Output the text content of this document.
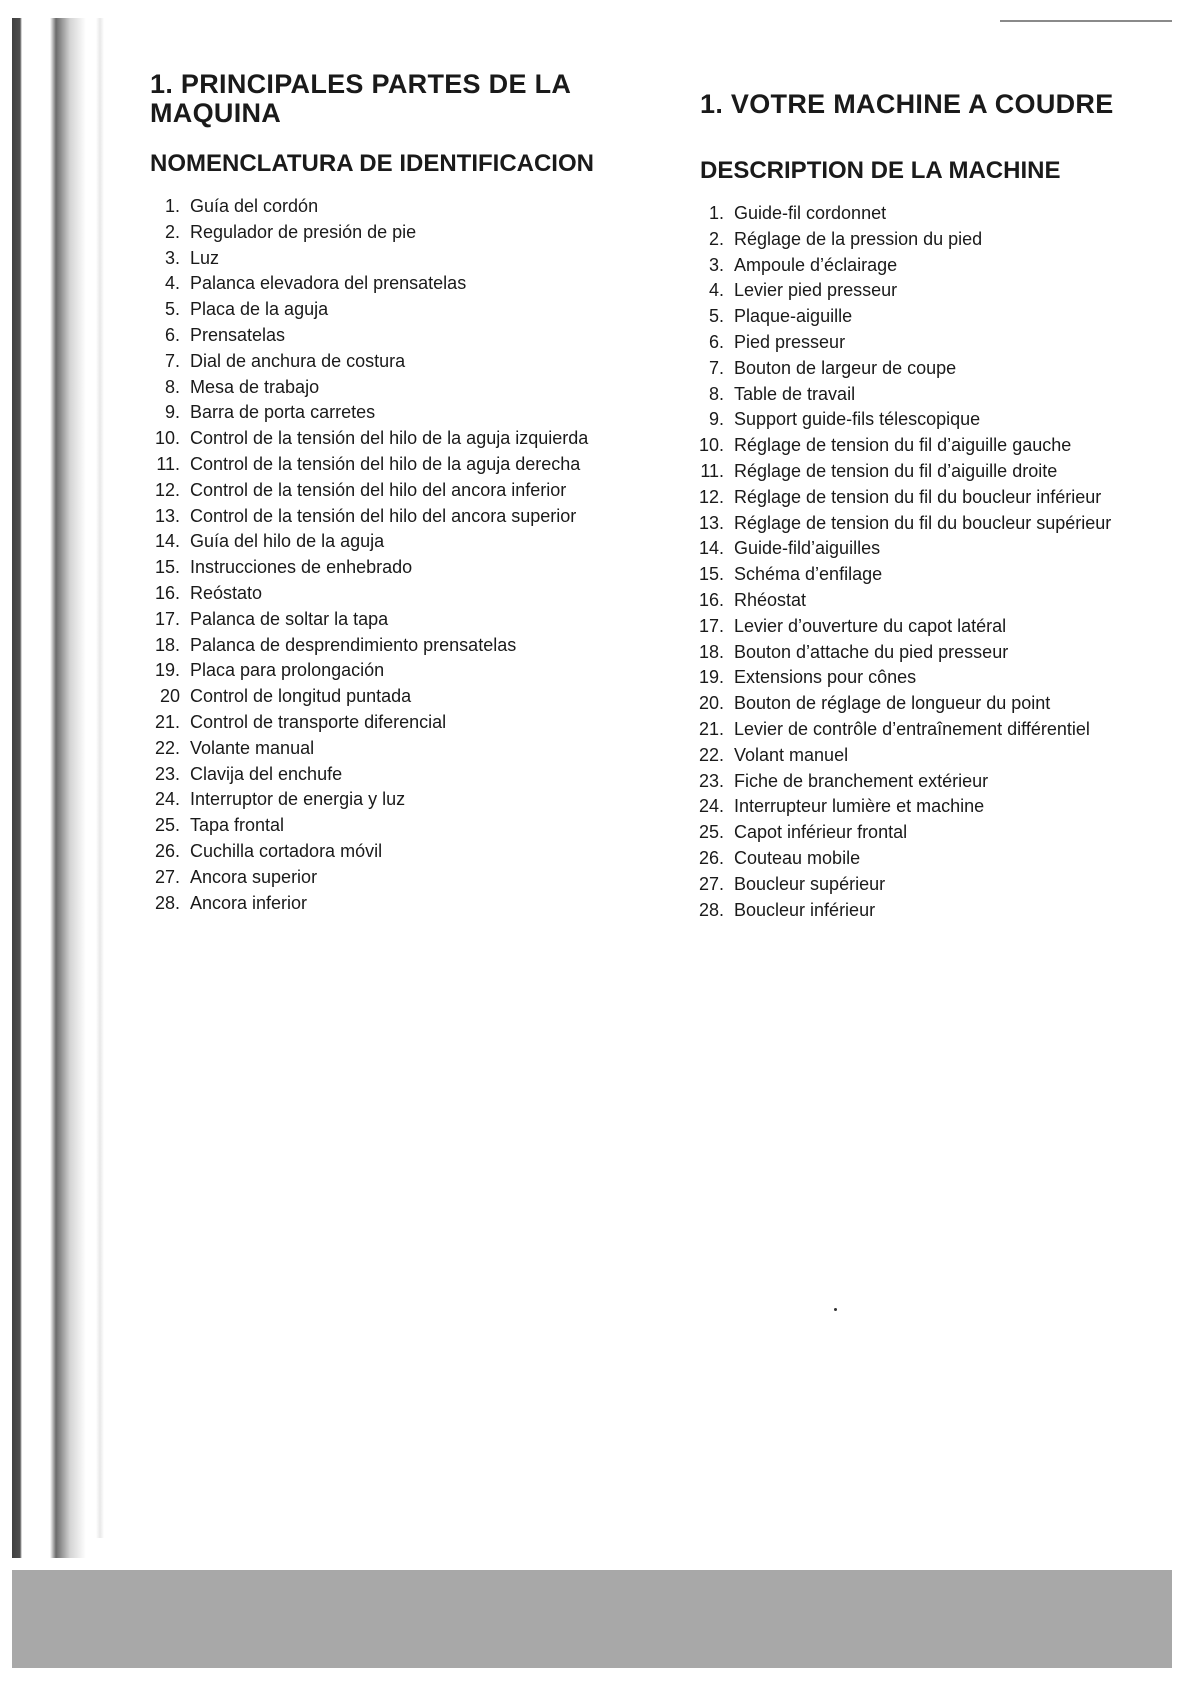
1. PRINCIPALES PARTES DE LA
MAQUINA
NOMENCLATURA DE IDENTIFICACION
1. Guía del cordón
2. Regulador de presión de pie
3. Luz
4. Palanca elevadora del prensatelas
5. Placa de la aguja
6. Prensatelas
7. Dial de anchura de costura
8. Mesa de trabajo
9. Barra de porta carretes
10. Control de la tensión del hilo de la aguja izquierda
11. Control de la tensión del hilo de la aguja derecha
12. Control de la tensión del hilo del ancora inferior
13. Control de la tensión del hilo del ancora superior
14. Guía del hilo de la aguja
15. Instrucciones de enhebrado
16. Reóstato
17. Palanca de soltar la tapa
18. Palanca de desprendimiento prensatelas
19. Placa para prolongación
20 Control de longitud puntada
21. Control de transporte diferencial
22. Volante manual
23. Clavija del enchufe
24. Interruptor de energia y luz
25. Tapa frontal
26. Cuchilla cortadora móvil
27. Ancora superior
28. Ancora inferior
1. VOTRE MACHINE A COUDRE
DESCRIPTION DE LA MACHINE
1. Guide-fil cordonnet
2. Réglage de la pression du pied
3. Ampoule d’éclairage
4. Levier pied presseur
5. Plaque-aiguille
6. Pied presseur
7. Bouton de largeur de coupe
8. Table de travail
9. Support guide-fils télescopique
10. Réglage de tension du fil d’aiguille gauche
11. Réglage de tension du fil d’aiguille droite
12. Réglage de tension du fil du boucleur inférieur
13. Réglage de tension du fil du boucleur supérieur
14. Guide-fild’aiguilles
15. Schéma d’enfilage
16. Rhéostat
17. Levier d’ouverture du capot latéral
18. Bouton d’attache du pied presseur
19. Extensions pour cônes
20. Bouton de réglage de longueur du point
21. Levier de contrôle d’entraînement différentiel
22. Volant manuel
23. Fiche de branchement extérieur
24. Interrupteur lumière et machine
25. Capot inférieur frontal
26. Couteau mobile
27. Boucleur supérieur
28. Boucleur inférieur
